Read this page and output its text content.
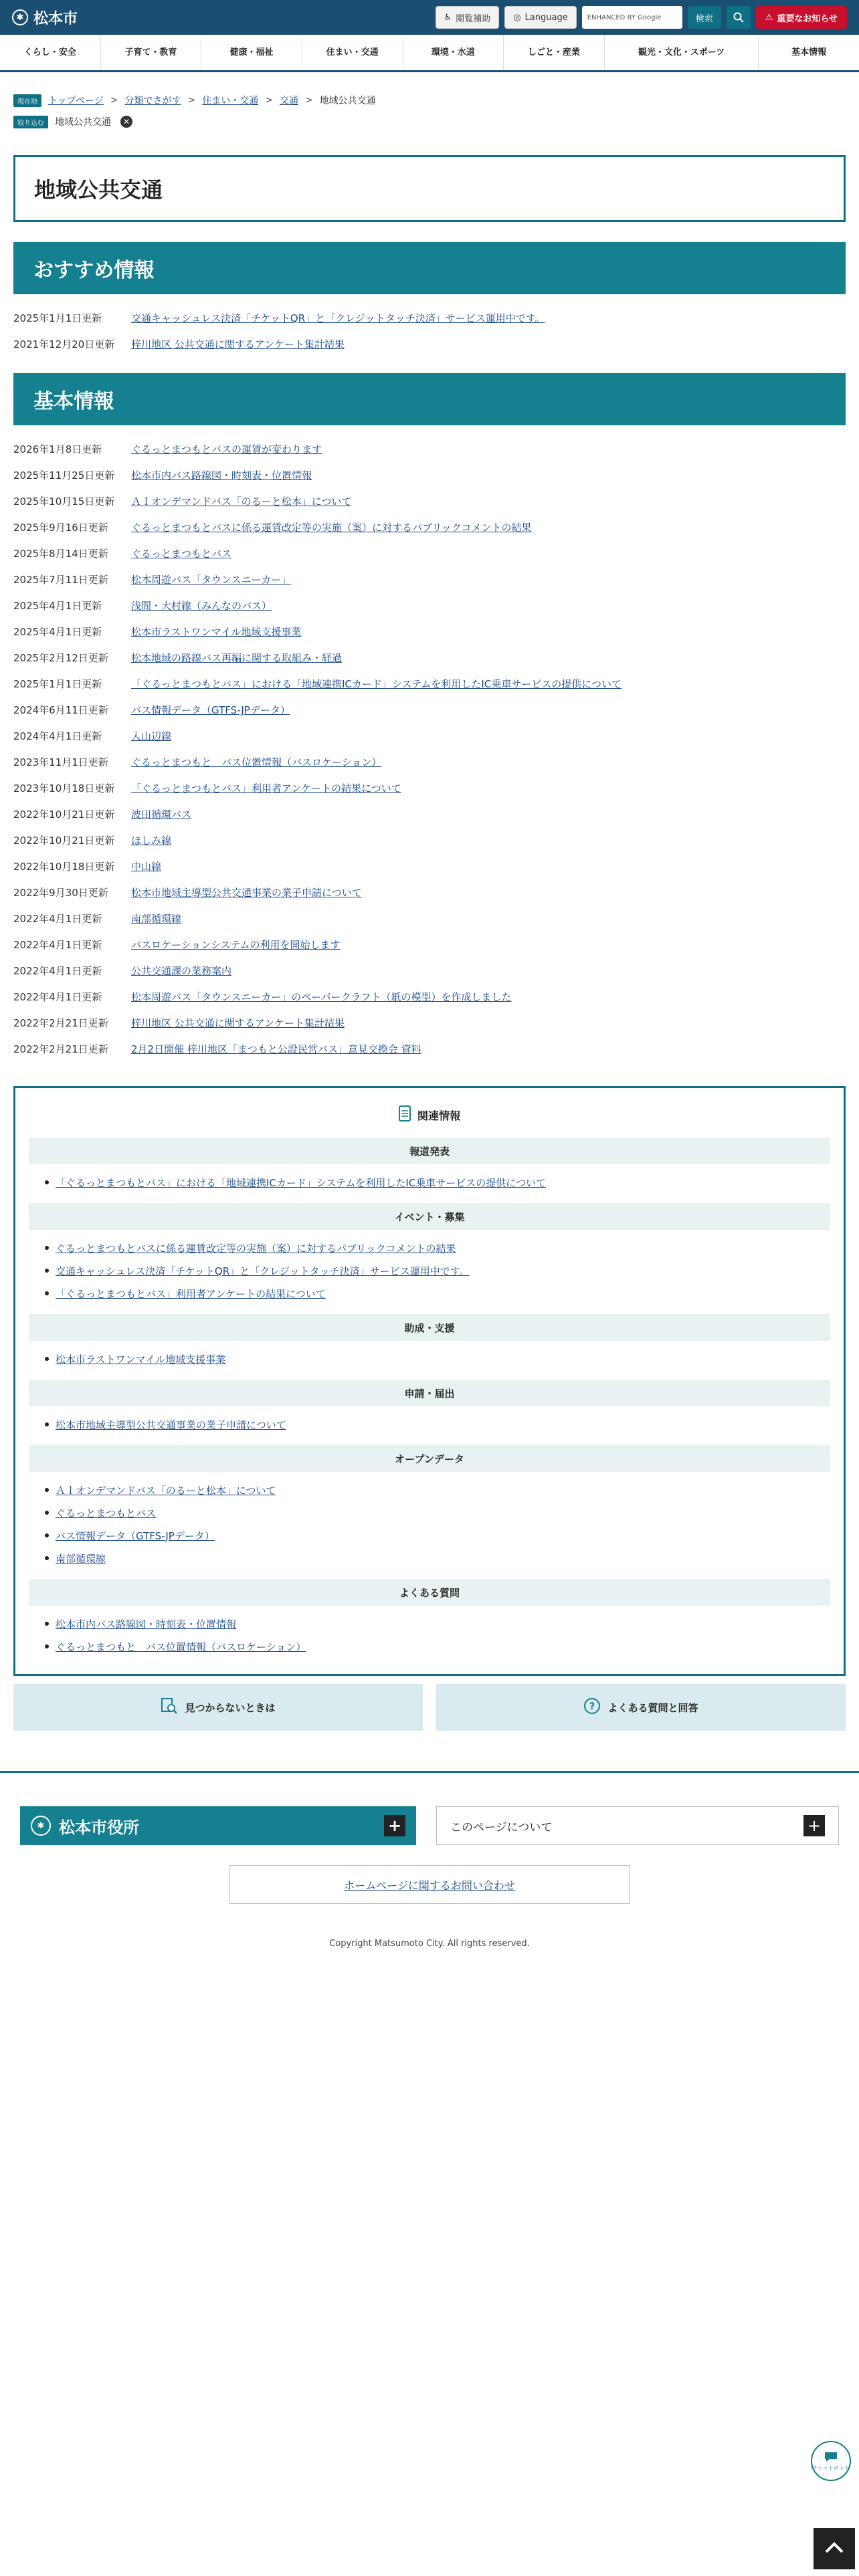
✱ 松本市	♿ 閲覧補助	◎ Language	ENHANCED BY Google	検索	⚠ 重要なお知らせ
くらし・安全	子育て・教育	健康・福祉	住まい・交通	環境・水道	しごと・産業	観光・文化・スポーツ	基本情報
現在地	トップページ > 分類でさがす > 住まい・交通 > 交通 > 地域公共交通
絞り込む	地域公共交通	✕
地域公共交通
おすすめ情報
2025年1月1日更新	交通キャッシュレス決済「チケットQR」と「クレジットタッチ決済」サービス運用中です。
2021年12月20日更新	梓川地区 公共交通に関するアンケート集計結果
基本情報
2026年1月8日更新	ぐるっとまつもとバスの運賃が変わります
2025年11月25日更新	松本市内バス路線図・時刻表・位置情報
2025年10月15日更新	ＡＩオンデマンドバス「のるーと松本」について
2025年9月16日更新	ぐるっとまつもとバスに係る運賃改定等の実施（案）に対するパブリックコメントの結果
2025年8月14日更新	ぐるっとまつもとバス
2025年7月11日更新	松本周遊バス「タウンスニーカー」
2025年4月1日更新	浅間・大村線（みんなのバス）
2025年4月1日更新	松本市ラストワンマイル地域支援事業
2025年2月12日更新	松本地域の路線バス再編に関する取組み・経過
2025年1月1日更新	「ぐるっとまつもとバス」における「地域連携ICカード」システムを利用したIC乗車サービスの提供について
2024年6月11日更新	バス情報データ（GTFS-JPデータ）
2024年4月1日更新	入山辺線
2023年11月1日更新	ぐるっとまつもと　バス位置情報（バスロケーション）
2023年10月18日更新	「ぐるっとまつもとバス」利用者アンケートの結果について
2022年10月21日更新	波田循環バス
2022年10月21日更新	ほしみ線
2022年10月18日更新	中山線
2022年9月30日更新	松本市地域主導型公共交通事業の業子申請について
2022年4月1日更新	南部循環線
2022年4月1日更新	バスロケーションシステムの利用を開始します
2022年4月1日更新	公共交通課の業務案内
2022年4月1日更新	松本周遊バス「タウンスニーカー」のペーパークラフト（紙の模型）を作成しました
2022年2月21日更新	梓川地区 公共交通に関するアンケート集計結果
2022年2月21日更新	2月2日開催 梓川地区「まつもと公設民営バス」意見交換会 資料
関連情報
報道発表
「ぐるっとまつもとバス」における「地域連携ICカード」システムを利用したIC乗車サービスの提供について
イベント・募集
ぐるっとまつもとバスに係る運賃改定等の実施（案）に対するパブリックコメントの結果
交通キャッシュレス決済「チケットQR」と「クレジットタッチ決済」サービス運用中です。
「ぐるっとまつもとバス」利用者アンケートの結果について
助成・支援
松本市ラストワンマイル地域支援事業
申請・届出
松本市地域主導型公共交通事業の業子申請について
オープンデータ
ＡＩオンデマンドバス「のるーと松本」について
ぐるっとまつもとバス
バス情報データ（GTFS-JPデータ）
南部循環線
よくある質問
松本市内バス路線図・時刻表・位置情報
ぐるっとまつもと　バス位置情報（バスロケーション）
見つからないときは	? よくある質問と回答
✱ 松本市役所	+	このページについて	+
ホームページに関するお問い合わせ
Copyright Matsumoto City. All rights reserved.
チャットボット
